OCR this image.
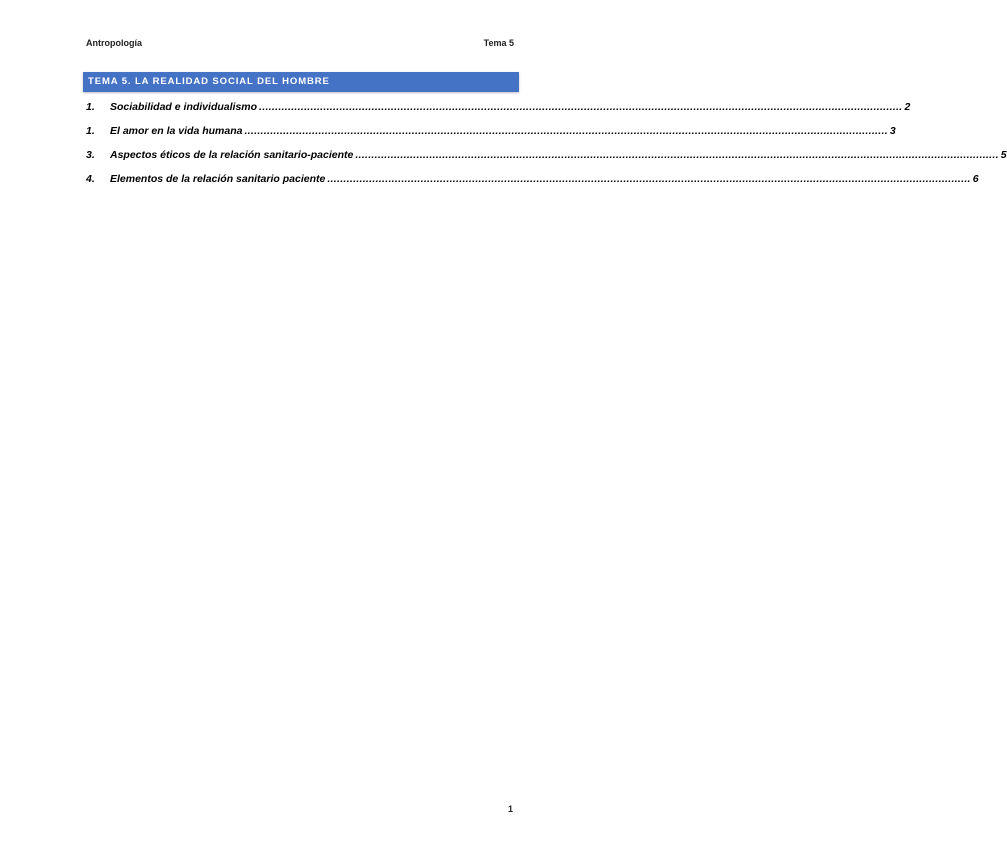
Antropología	Tema 5
TEMA 5. LA REALIDAD SOCIAL DEL HOMBRE
1.	Sociabilidad e individualismo ........................................................................................................................................................................................................ 2
1.	El amor en la vida humana ........................................................................................................................................................................................................ 3
3.	Aspectos éticos de la relación sanitario-paciente ........................................................................................................................................................................................................ 5
4.	Elementos de la relación sanitario paciente ........................................................................................................................................................................................................ 6
1
